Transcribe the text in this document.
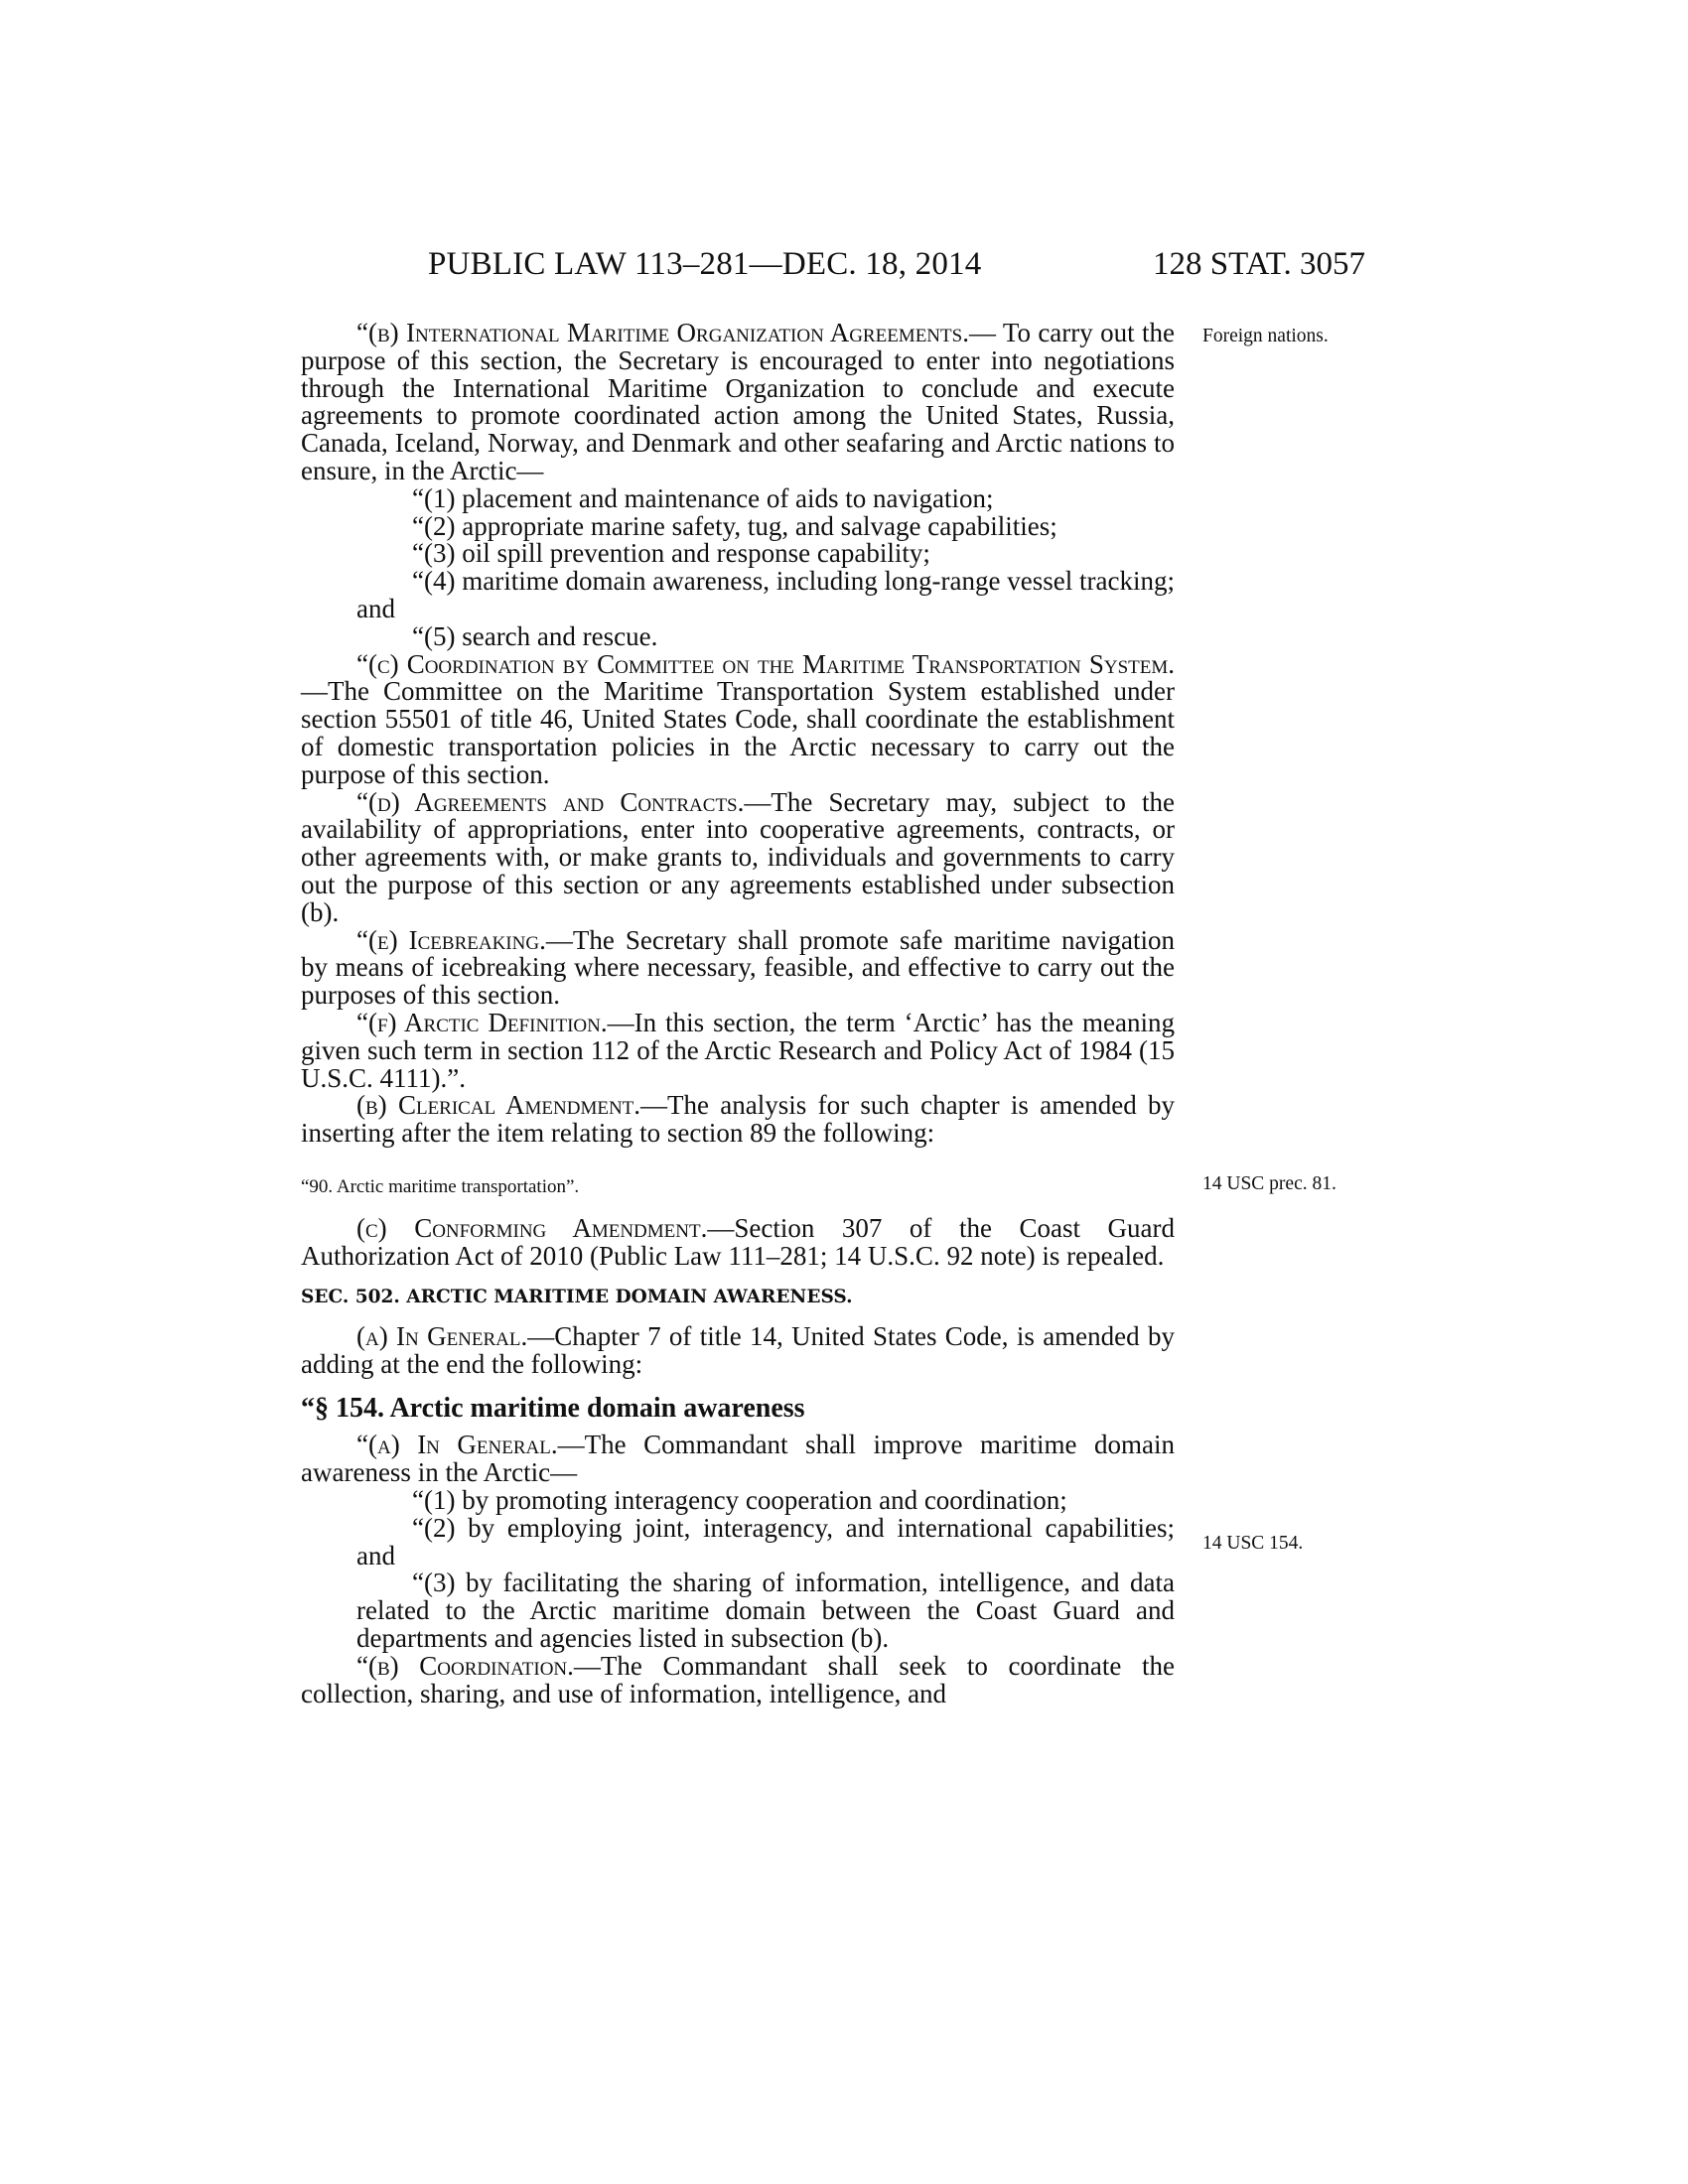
PUBLIC LAW 113–281—DEC. 18, 2014	128 STAT. 3057
Foreign nations.
14 USC prec. 81.
14 USC 154.

“(b) International Maritime Organization Agreements.— To carry out the purpose of this section, the Secretary is encouraged to enter into negotiations through the International Maritime Organization to conclude and execute agreements to promote coordinated action among the United States, Russia, Canada, Iceland, Norway, and Denmark and other seafaring and Arctic nations to ensure, in the Arctic—

“(1) placement and maintenance of aids to navigation;

“(2) appropriate marine safety, tug, and salvage capabilities;

“(3) oil spill prevention and response capability;

“(4) maritime domain awareness, including long-range vessel tracking; and

“(5) search and rescue.

“(c) Coordination by Committee on the Maritime Transportation System.—The Committee on the Maritime Transportation System established under section 55501 of title 46, United States Code, shall coordinate the establishment of domestic transportation policies in the Arctic necessary to carry out the purpose of this section.

“(d) Agreements and Contracts.—The Secretary may, subject to the availability of appropriations, enter into cooperative agreements, contracts, or other agreements with, or make grants to, individuals and governments to carry out the purpose of this section or any agreements established under subsection (b).

“(e) Icebreaking.—The Secretary shall promote safe maritime navigation by means of icebreaking where necessary, feasible, and effective to carry out the purposes of this section.

“(f) Arctic Definition.—In this section, the term ‘Arctic’ has the meaning given such term in section 112 of the Arctic Research and Policy Act of 1984 (15 U.S.C. 4111).”.

(b) Clerical Amendment.—The analysis for such chapter is amended by inserting after the item relating to section 89 the following:

“90. Arctic maritime transportation”.

(c) Conforming Amendment.—Section 307 of the Coast Guard Authorization Act of 2010 (Public Law 111–281; 14 U.S.C. 92 note) is repealed.

SEC. 502. ARCTIC MARITIME DOMAIN AWARENESS.

(a) In General.—Chapter 7 of title 14, United States Code, is amended by adding at the end the following:

“§ 154. Arctic maritime domain awareness

“(a) In General.—The Commandant shall improve maritime domain awareness in the Arctic—

“(1) by promoting interagency cooperation and coordination;

“(2) by employing joint, interagency, and international capabilities; and

“(3) by facilitating the sharing of information, intelligence, and data related to the Arctic maritime domain between the Coast Guard and departments and agencies listed in subsection (b).

“(b) Coordination.—The Commandant shall seek to coordinate the collection, sharing, and use of information, intelligence, and
